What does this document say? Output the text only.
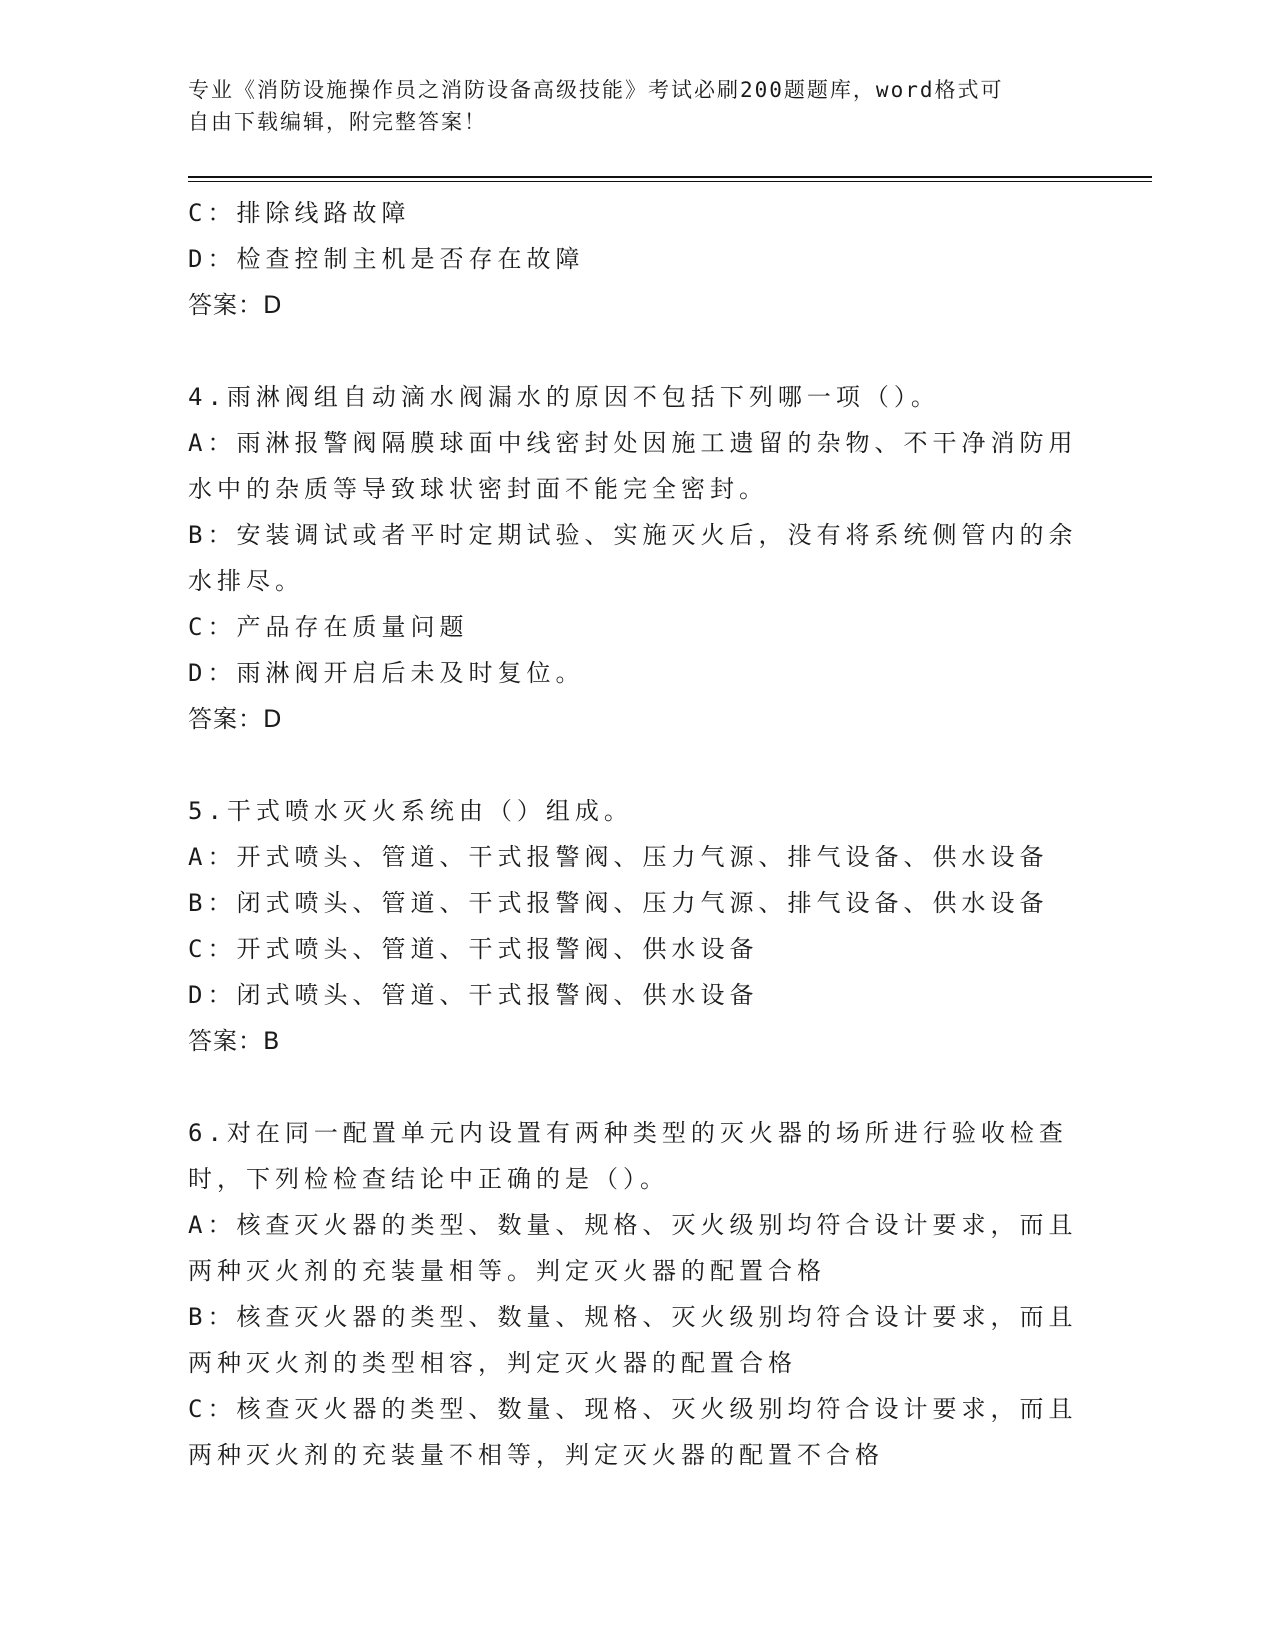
专业《消防设施操作员之消防设备高级技能》考试必刷200题题库，word格式可
自由下载编辑，附完整答案！
C：排除线路故障
D：检查控制主机是否存在故障
答案：D
4.雨淋阀组自动滴水阀漏水的原因不包括下列哪一项（）。
A：雨淋报警阀隔膜球面中线密封处因施工遗留的杂物、不干净消防用
水中的杂质等导致球状密封面不能完全密封。
B：安装调试或者平时定期试验、实施灭火后，没有将系统侧管内的余
水排尽。
C：产品存在质量问题
D：雨淋阀开启后未及时复位。
答案：D
5.干式喷水灭火系统由（）组成。
A：开式喷头、管道、干式报警阀、压力气源、排气设备、供水设备
B：闭式喷头、管道、干式报警阀、压力气源、排气设备、供水设备
C：开式喷头、管道、干式报警阀、供水设备
D：闭式喷头、管道、干式报警阀、供水设备
答案：B
6.对在同一配置单元内设置有两种类型的灭火器的场所进行验收检查
时，下列检检查结论中正确的是（）。
A：核查灭火器的类型、数量、规格、灭火级别均符合设计要求，而且
两种灭火剂的充装量相等。判定灭火器的配置合格
B：核查灭火器的类型、数量、规格、灭火级别均符合设计要求，而且
两种灭火剂的类型相容，判定灭火器的配置合格
C：核查灭火器的类型、数量、现格、灭火级别均符合设计要求，而且
两种灭火剂的充装量不相等，判定灭火器的配置不合格
